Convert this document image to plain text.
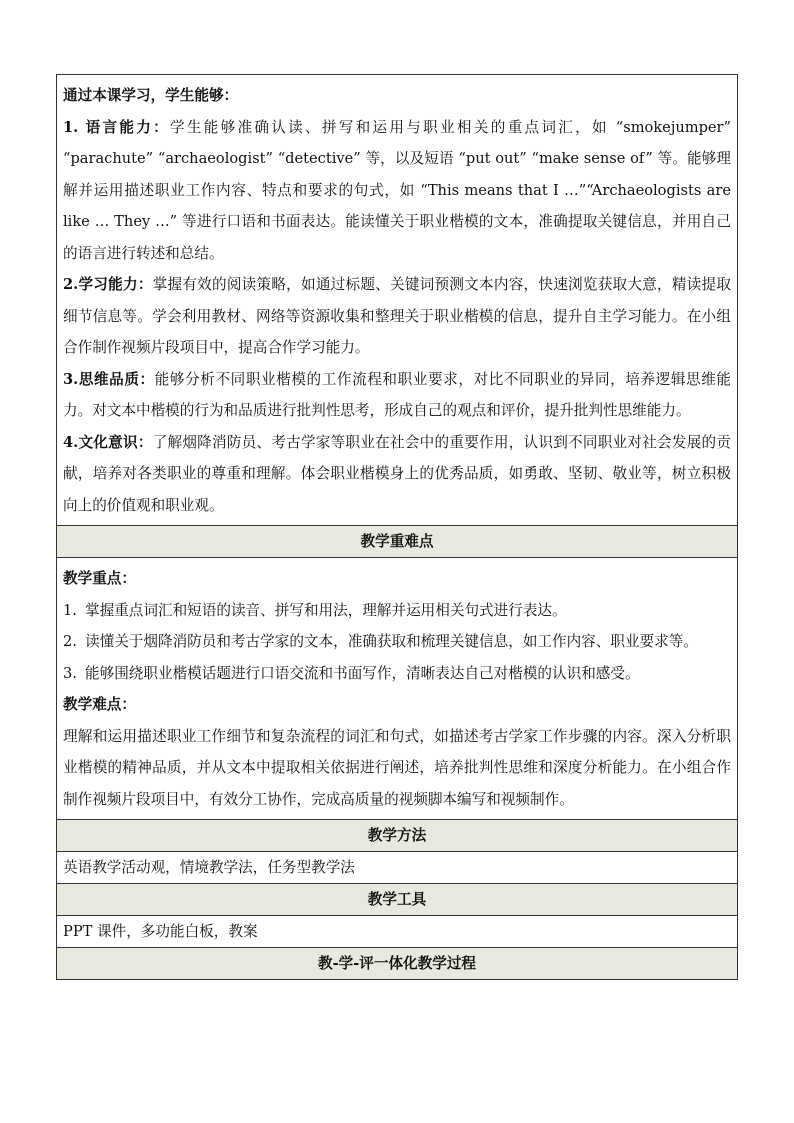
通过本课学习，学生能够：

1. 语言能力：学生能够准确认读、拼写和运用与职业相关的重点词汇，如 “smokejumper” “parachute” “archaeologist” “detective” 等，以及短语 “put out” “make sense of” 等。能够理解并运用描述职业工作内容、特点和要求的句式，如 “This means that I …”“Archaeologists are like … They …” 等进行口语和书面表达。能读懂关于职业楷模的文本，准确提取关键信息，并用自己的语言进行转述和总结。

2.学习能力：掌握有效的阅读策略，如通过标题、关键词预测文本内容，快速浏览获取大意，精读提取细节信息等。学会利用教材、网络等资源收集和整理关于职业楷模的信息，提升自主学习能力。在小组合作制作视频片段项目中，提高合作学习能力。

3.思维品质：能够分析不同职业楷模的工作流程和职业要求，对比不同职业的异同，培养逻辑思维能力。对文本中楷模的行为和品质进行批判性思考，形成自己的观点和评价，提升批判性思维能力。

4.文化意识：了解烟降消防员、考古学家等职业在社会中的重要作用，认识到不同职业对社会发展的贡献，培养对各类职业的尊重和理解。体会职业楷模身上的优秀品质，如勇敢、坚韧、敬业等，树立积极向上的价值观和职业观。

教学重难点

教学重点：

1. 掌握重点词汇和短语的读音、拼写和用法，理解并运用相关句式进行表达。

2. 读懂关于烟降消防员和考古学家的文本，准确获取和梳理关键信息，如工作内容、职业要求等。

3. 能够围绕职业楷模话题进行口语交流和书面写作，清晰表达自己对楷模的认识和感受。

教学难点：

理解和运用描述职业工作细节和复杂流程的词汇和句式，如描述考古学家工作步骤的内容。深入分析职业楷模的精神品质，并从文本中提取相关依据进行阐述，培养批判性思维和深度分析能力。在小组合作制作视频片段项目中，有效分工协作，完成高质量的视频脚本编写和视频制作。

教学方法
英语教学活动观，情境教学法，任务型教学法
教学工具
PPT 课件，多功能白板，教案
教-学-评一体化教学过程
